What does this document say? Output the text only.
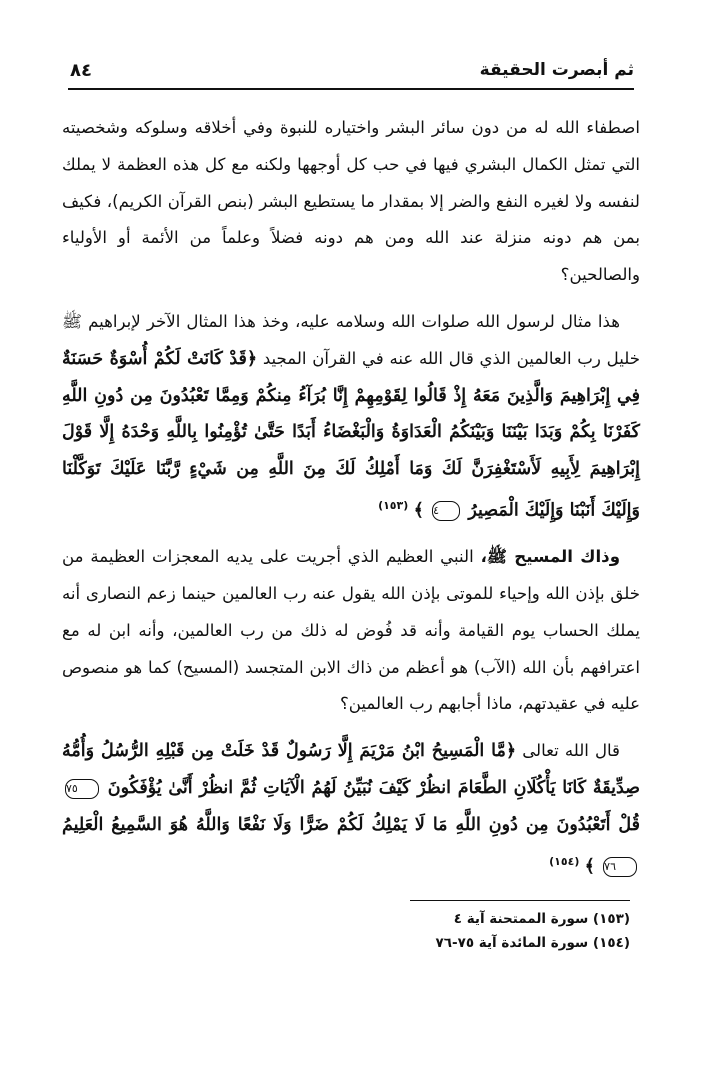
ثم أبصرت الحقيقة
٨٤

اصطفاء الله له من دون سائر البشر واختياره للنبوة وفي أخلاقه وسلوكه وشخصيته التي تمثل الكمال البشري فيها في حب كل أوجهها ولكنه مع كل هذه العظمة لا يملك لنفسه ولا لغيره النفع والضر إلا بمقدار ما يستطيع البشر (بنص القرآن الكريم)، فكيف بمن هم دونه منزلة عند الله ومن هم دونه فضلاً وعلماً من الأئمة أو الأولياء والصالحين؟

هذا مثال لرسول الله صلوات الله وسلامه عليه، وخذ هذا المثال الآخر لإبراهيم ﷺ خليل رب العالمين الذي قال الله عنه في القرآن المجيد ﴿قَدْ كَانَتْ لَكُمْ أُسْوَةٌ حَسَنَةٌ فِي إِبْرَاهِيمَ وَالَّذِينَ مَعَهُ إِذْ قَالُوا لِقَوْمِهِمْ إِنَّا بُرَآءُ مِنكُمْ وَمِمَّا تَعْبُدُونَ مِن دُونِ اللَّهِ كَفَرْنَا بِكُمْ وَبَدَا بَيْنَنَا وَبَيْنَكُمُ الْعَدَاوَةُ وَالْبَغْضَاءُ أَبَدًا حَتَّىٰ تُؤْمِنُوا بِاللَّهِ وَحْدَهُ إِلَّا قَوْلَ إِبْرَاهِيمَ لِأَبِيهِ لَأَسْتَغْفِرَنَّ لَكَ وَمَا أَمْلِكُ لَكَ مِنَ اللَّهِ مِن شَيْءٍ رَّبَّنَا عَلَيْكَ تَوَكَّلْنَا وَإِلَيْكَ أَنَبْنَا وَإِلَيْكَ الْمَصِيرُ ٤ ﴾ $^{(١٥٣)}$

وذاك المسيح ﷺ، النبي العظيم الذي أجريت على يديه المعجزات العظيمة من خلق بإذن الله وإحياء للموتى بإذن الله يقول عنه رب العالمين حينما زعم النصارى أنه يملك الحساب يوم القيامة وأنه قد فُوض له ذلك من رب العالمين، وأنه ابن له مع اعترافهم بأن الله (الآب) هو أعظم من ذاك الابن المتجسد (المسيح) كما هو منصوص عليه في عقيدتهم، ماذا أجابهم رب العالمين؟

قال الله تعالى ﴿مَّا الْمَسِيحُ ابْنُ مَرْيَمَ إِلَّا رَسُولٌ قَدْ خَلَتْ مِن قَبْلِهِ الرُّسُلُ وَأُمُّهُ صِدِّيقَةٌ كَانَا يَأْكُلَانِ الطَّعَامَ انظُرْ كَيْفَ نُبَيِّنُ لَهُمُ الْآيَاتِ ثُمَّ انظُرْ أَنَّىٰ يُؤْفَكُونَ ٧٥ قُلْ أَتَعْبُدُونَ مِن دُونِ اللَّهِ مَا لَا يَمْلِكُ لَكُمْ ضَرًّا وَلَا نَفْعًا وَاللَّهُ هُوَ السَّمِيعُ الْعَلِيمُ ٧٦ ﴾ $^{(١٥٤)}$

(١٥٣) سورة الممتحنة آية ٤
(١٥٤) سورة المائدة آية ٧٥-٧٦
